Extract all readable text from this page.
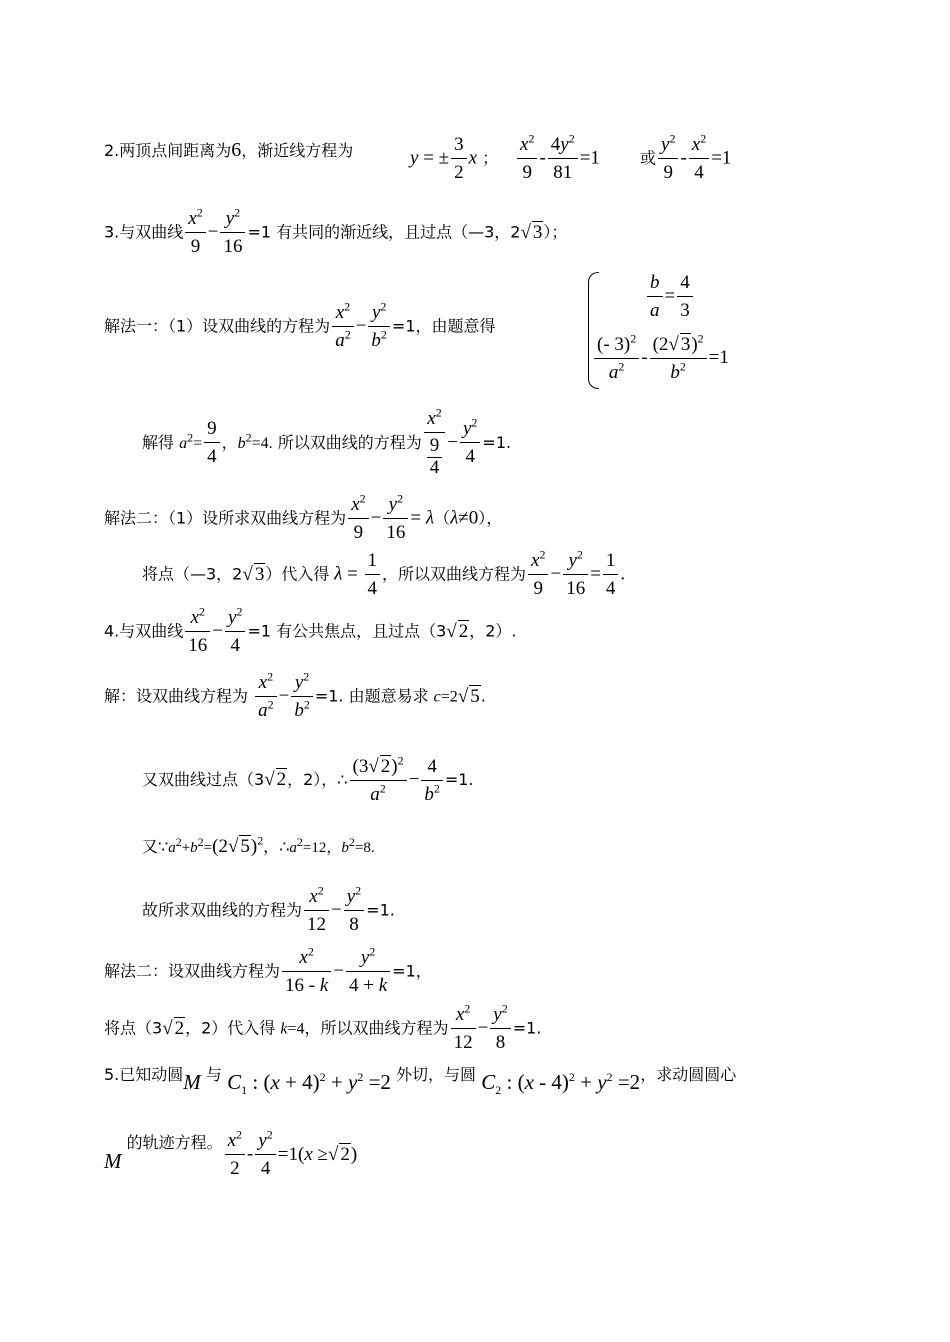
2.两顶点间距离为6，渐近线方程为	y = ± $\frac{3}{2}$ x ； $\frac{x^2}{9} - \frac{4y^2}{81} =1$	或 $\frac{y^2}{9} - \frac{x^2}{4} =1$
3.与双曲线 $\frac{x^2}{9} - \frac{y^2}{16} =1$ 有共同的渐近线，且过点（—3，2√ 3）；
解法一：（1）设双曲线的方程为 $\frac{x^2}{a^2} - \frac{y^2}{b^2} =1$，由题意得
$\frac{b}{a} = \frac{4}{3}$
$\frac{(- 3)^2}{a^2} - \frac{(2√ 3)^2}{b^2} =1$
解得 $a^2= \frac{9}{4}$ ，$b^2=4$. 所以双曲线的方程为
$x^2$
9
4
− $\frac{y^2}{4} =1$.
解法二：（1）设所求双曲线方程为 $\frac{x^2}{9} - \frac{y^2}{16} = \lambda(\lambda\ne 0)$，
将点（—3，2√ 3）代入得 $\lambda = \frac{1}{4}$ ，所以双曲线方程为 $\frac{x^2}{9} - \frac{y^2}{16} = \frac{1}{4}$ .
4.与双曲线 $\frac{x^2}{16} - \frac{y^2}{4} =1$ 有公共焦点，且过点（3√ 2，2）.
解：设双曲线方程为 $\frac{x^2}{a^2} - \frac{y^2}{b^2} =1$. 由题意易求 c=2√ 5.
又双曲线过点（3√ 2，2），∴ $\frac{(3√ 2)^2}{a^2} - \frac{4}{b^2} =1$.
又$\because a^2+b^2=(2√$ 5)$^2$，$\therefore a^2=12$，$b^2=8$.
故所求双曲线的方程为 $\frac{x^2}{12} - \frac{y^2}{8} =1$.
解法二：设双曲线方程为 $\frac{x^2}{16 - k} - \frac{y^2}{4 + k} =1$，
将点（3√ 2，2）代入得 k=4，所以双曲线方程为 $\frac{x^2}{12} - \frac{y^2}{8} =1$.
5.已知动圆M 与 $C_1$ : $(x + 4)^2 + y^2 =2$ 外切，与圆 $C_2$ : $(x - 4)^2 + y^2 =2$，求动圆圆心
M 的轨迹方程。 $\frac{x^2}{2} - \frac{y^2}{4} =1(x$ ≥√ 2)
